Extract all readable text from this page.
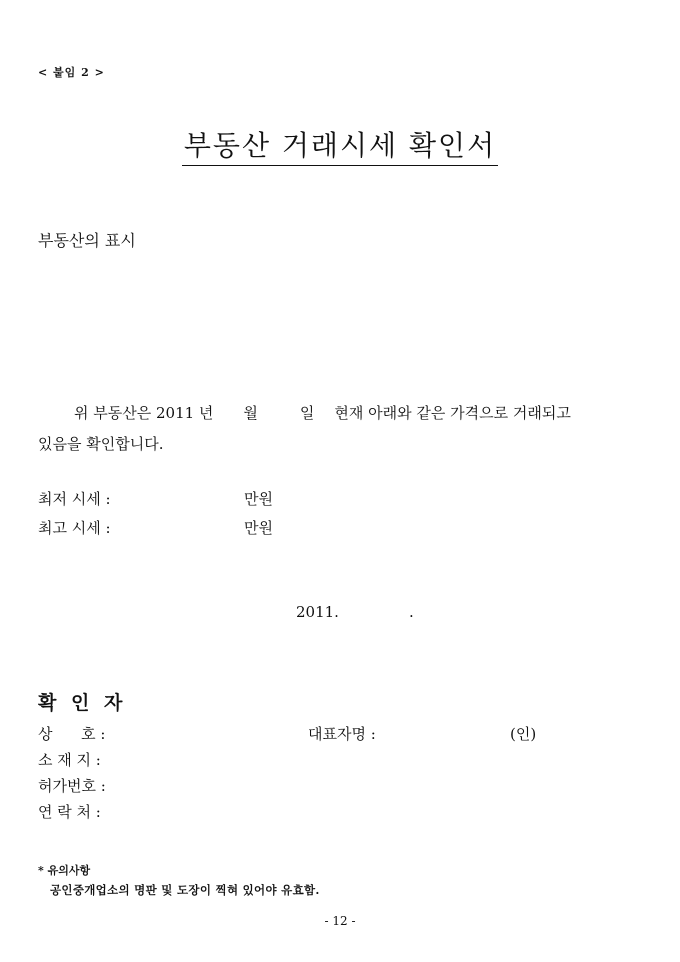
< 붙임 2 >
부동산 거래시세 확인서
부동산의 표시
위 부동산은 2011 년 월	일 현재 아래와 같은 가격으로 거래되고
있음을 확인합니다.
최저 시세 :	만원
최고 시세 :	만원
2011.	.
확 인 자
상      호 :	대표자명 :	(인)
소 재 지 :
허가번호 :
연 락 처 :
* 유의사항
공인중개업소의 명판 및 도장이 찍혀 있어야 유효함.
- 12 -
